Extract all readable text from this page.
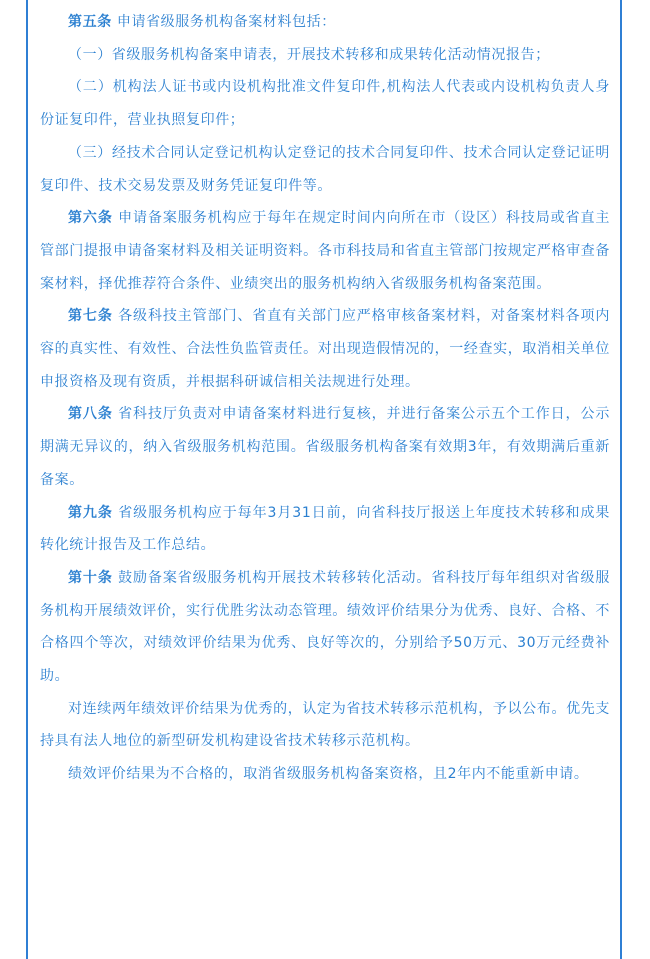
第五条 申请省级服务机构备案材料包括：

（一）省级服务机构备案申请表，开展技术转移和成果转化活动情况报告；

（二）机构法人证书或内设机构批准文件复印件,机构法人代表或内设机构负责人身份证复印件，营业执照复印件；

（三）经技术合同认定登记机构认定登记的技术合同复印件、技术合同认定登记证明复印件、技术交易发票及财务凭证复印件等。

第六条 申请备案服务机构应于每年在规定时间内向所在市（设区）科技局或省直主管部门提报申请备案材料及相关证明资料。各市科技局和省直主管部门按规定严格审查备案材料，择优推荐符合条件、业绩突出的服务机构纳入省级服务机构备案范围。

第七条 各级科技主管部门、省直有关部门应严格审核备案材料，对备案材料各项内容的真实性、有效性、合法性负监管责任。对出现造假情况的，一经查实，取消相关单位申报资格及现有资质，并根据科研诚信相关法规进行处理。

第八条 省科技厅负责对申请备案材料进行复核，并进行备案公示五个工作日，公示期满无异议的，纳入省级服务机构范围。省级服务机构备案有效期3年，有效期满后重新备案。

第九条 省级服务机构应于每年3月31日前，向省科技厅报送上年度技术转移和成果转化统计报告及工作总结。

第十条 鼓励备案省级服务机构开展技术转移转化活动。省科技厅每年组织对省级服务机构开展绩效评价，实行优胜劣汰动态管理。绩效评价结果分为优秀、良好、合格、不合格四个等次，对绩效评价结果为优秀、良好等次的，分别给予50万元、30万元经费补助。

对连续两年绩效评价结果为优秀的，认定为省技术转移示范机构，予以公布。优先支持具有法人地位的新型研发机构建设省技术转移示范机构。

绩效评价结果为不合格的，取消省级服务机构备案资格，且2年内不能重新申请。
